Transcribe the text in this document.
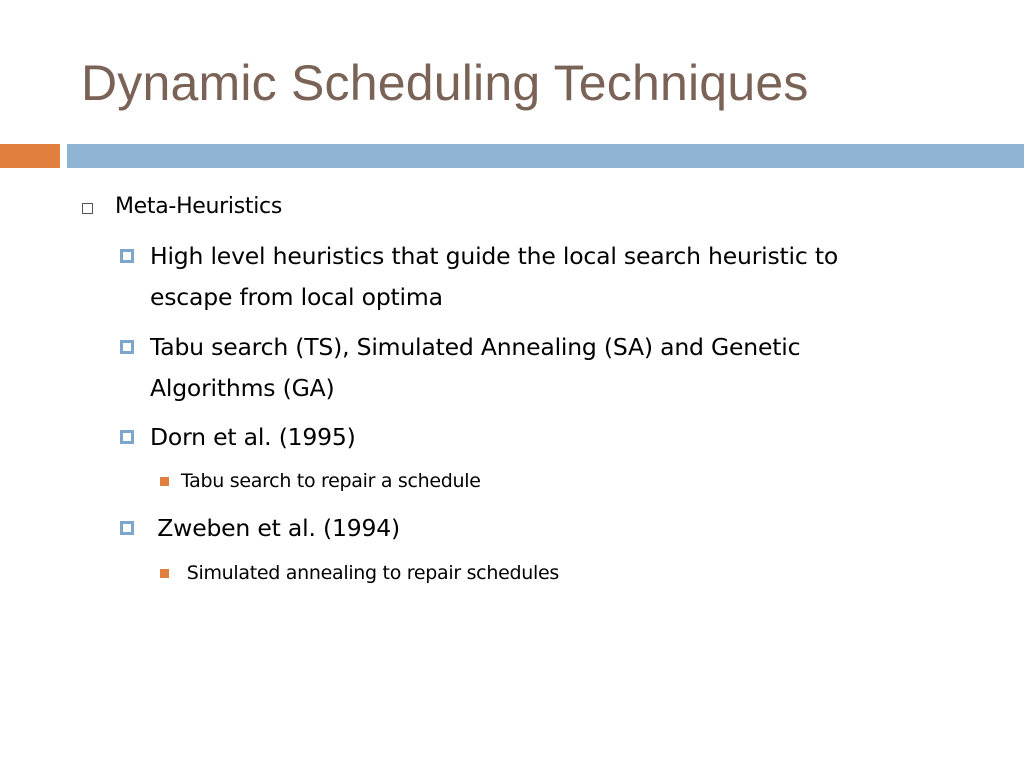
Dynamic Scheduling Techniques
Meta-Heuristics
High level heuristics that guide the local search heuristic to
escape from local optima
Tabu search (TS), Simulated Annealing (SA) and Genetic
Algorithms (GA)
Dorn et al. (1995)
Tabu search to repair a schedule
Zweben et al. (1994)
Simulated annealing to repair schedules
